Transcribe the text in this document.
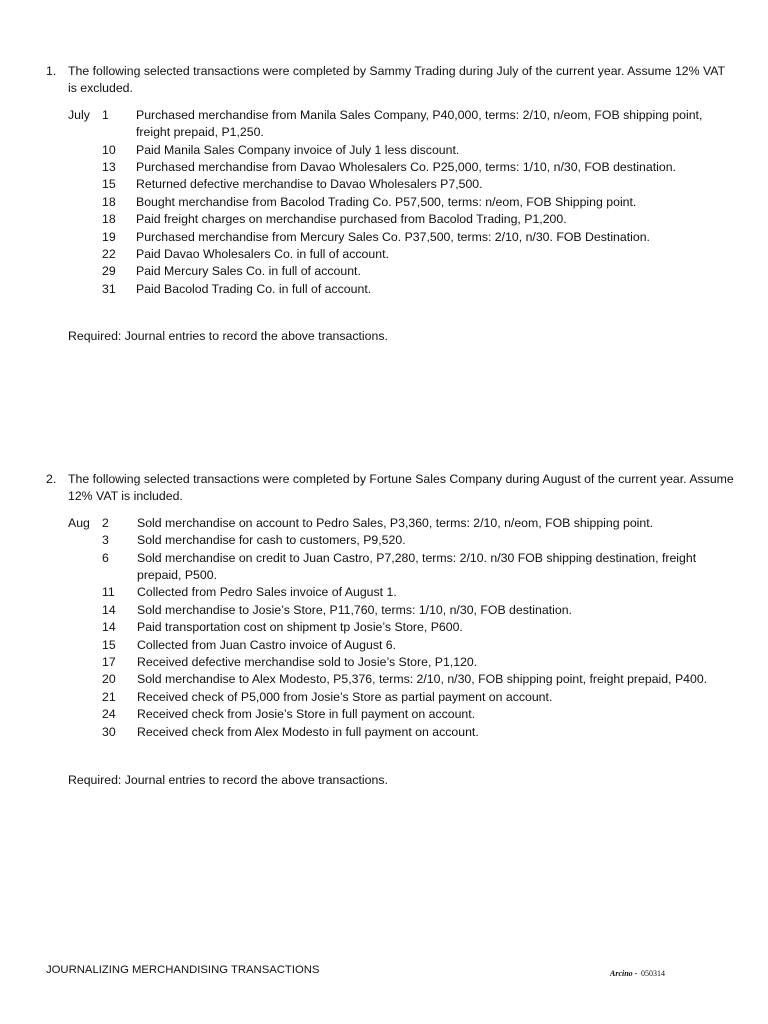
1. The following selected transactions were completed by Sammy Trading during July of the current year. Assume 12% VAT is excluded.
July 1	Purchased merchandise from Manila Sales Company, P40,000, terms: 2/10, n/eom, FOB shipping point, freight prepaid, P1,250.
10	Paid Manila Sales Company invoice of July 1 less discount.
13	Purchased merchandise from Davao Wholesalers Co. P25,000, terms: 1/10, n/30, FOB destination.
15	Returned defective merchandise to Davao Wholesalers P7,500.
18	Bought merchandise from Bacolod Trading Co. P57,500, terms: n/eom, FOB Shipping point.
18	Paid freight charges on merchandise purchased from Bacolod Trading, P1,200.
19	Purchased merchandise from Mercury Sales Co. P37,500, terms: 2/10, n/30. FOB Destination.
22	Paid Davao Wholesalers Co. in full of account.
29	Paid Mercury Sales Co. in full of account.
31	Paid Bacolod Trading Co. in full of account.
Required: Journal entries to record the above transactions.
2. The following selected transactions were completed by Fortune Sales Company during August of the current year. Assume 12% VAT is included.
Aug 2	Sold merchandise on account to Pedro Sales, P3,360, terms: 2/10, n/eom, FOB shipping point.
3	Sold merchandise for cash to customers, P9,520.
6	Sold merchandise on credit to Juan Castro, P7,280, terms: 2/10. n/30 FOB shipping destination, freight prepaid, P500.
11	Collected from Pedro Sales invoice of August 1.
14	Sold merchandise to Josie’s Store, P11,760, terms: 1/10, n/30, FOB destination.
14	Paid transportation cost on shipment tp Josie’s Store, P600.
15	Collected from Juan Castro invoice of August 6.
17	Received defective merchandise sold to Josie’s Store, P1,120.
20	Sold merchandise to Alex Modesto, P5,376, terms: 2/10, n/30, FOB shipping point, freight prepaid, P400.
21	Received check of P5,000 from Josie’s Store as partial payment on account.
24	Received check from Josie’s Store in full payment on account.
30	Received check from Alex Modesto in full payment on account.
Required: Journal entries to record the above transactions.
JOURNALIZING MERCHANDISING TRANSACTIONS	Arcino - 050314
